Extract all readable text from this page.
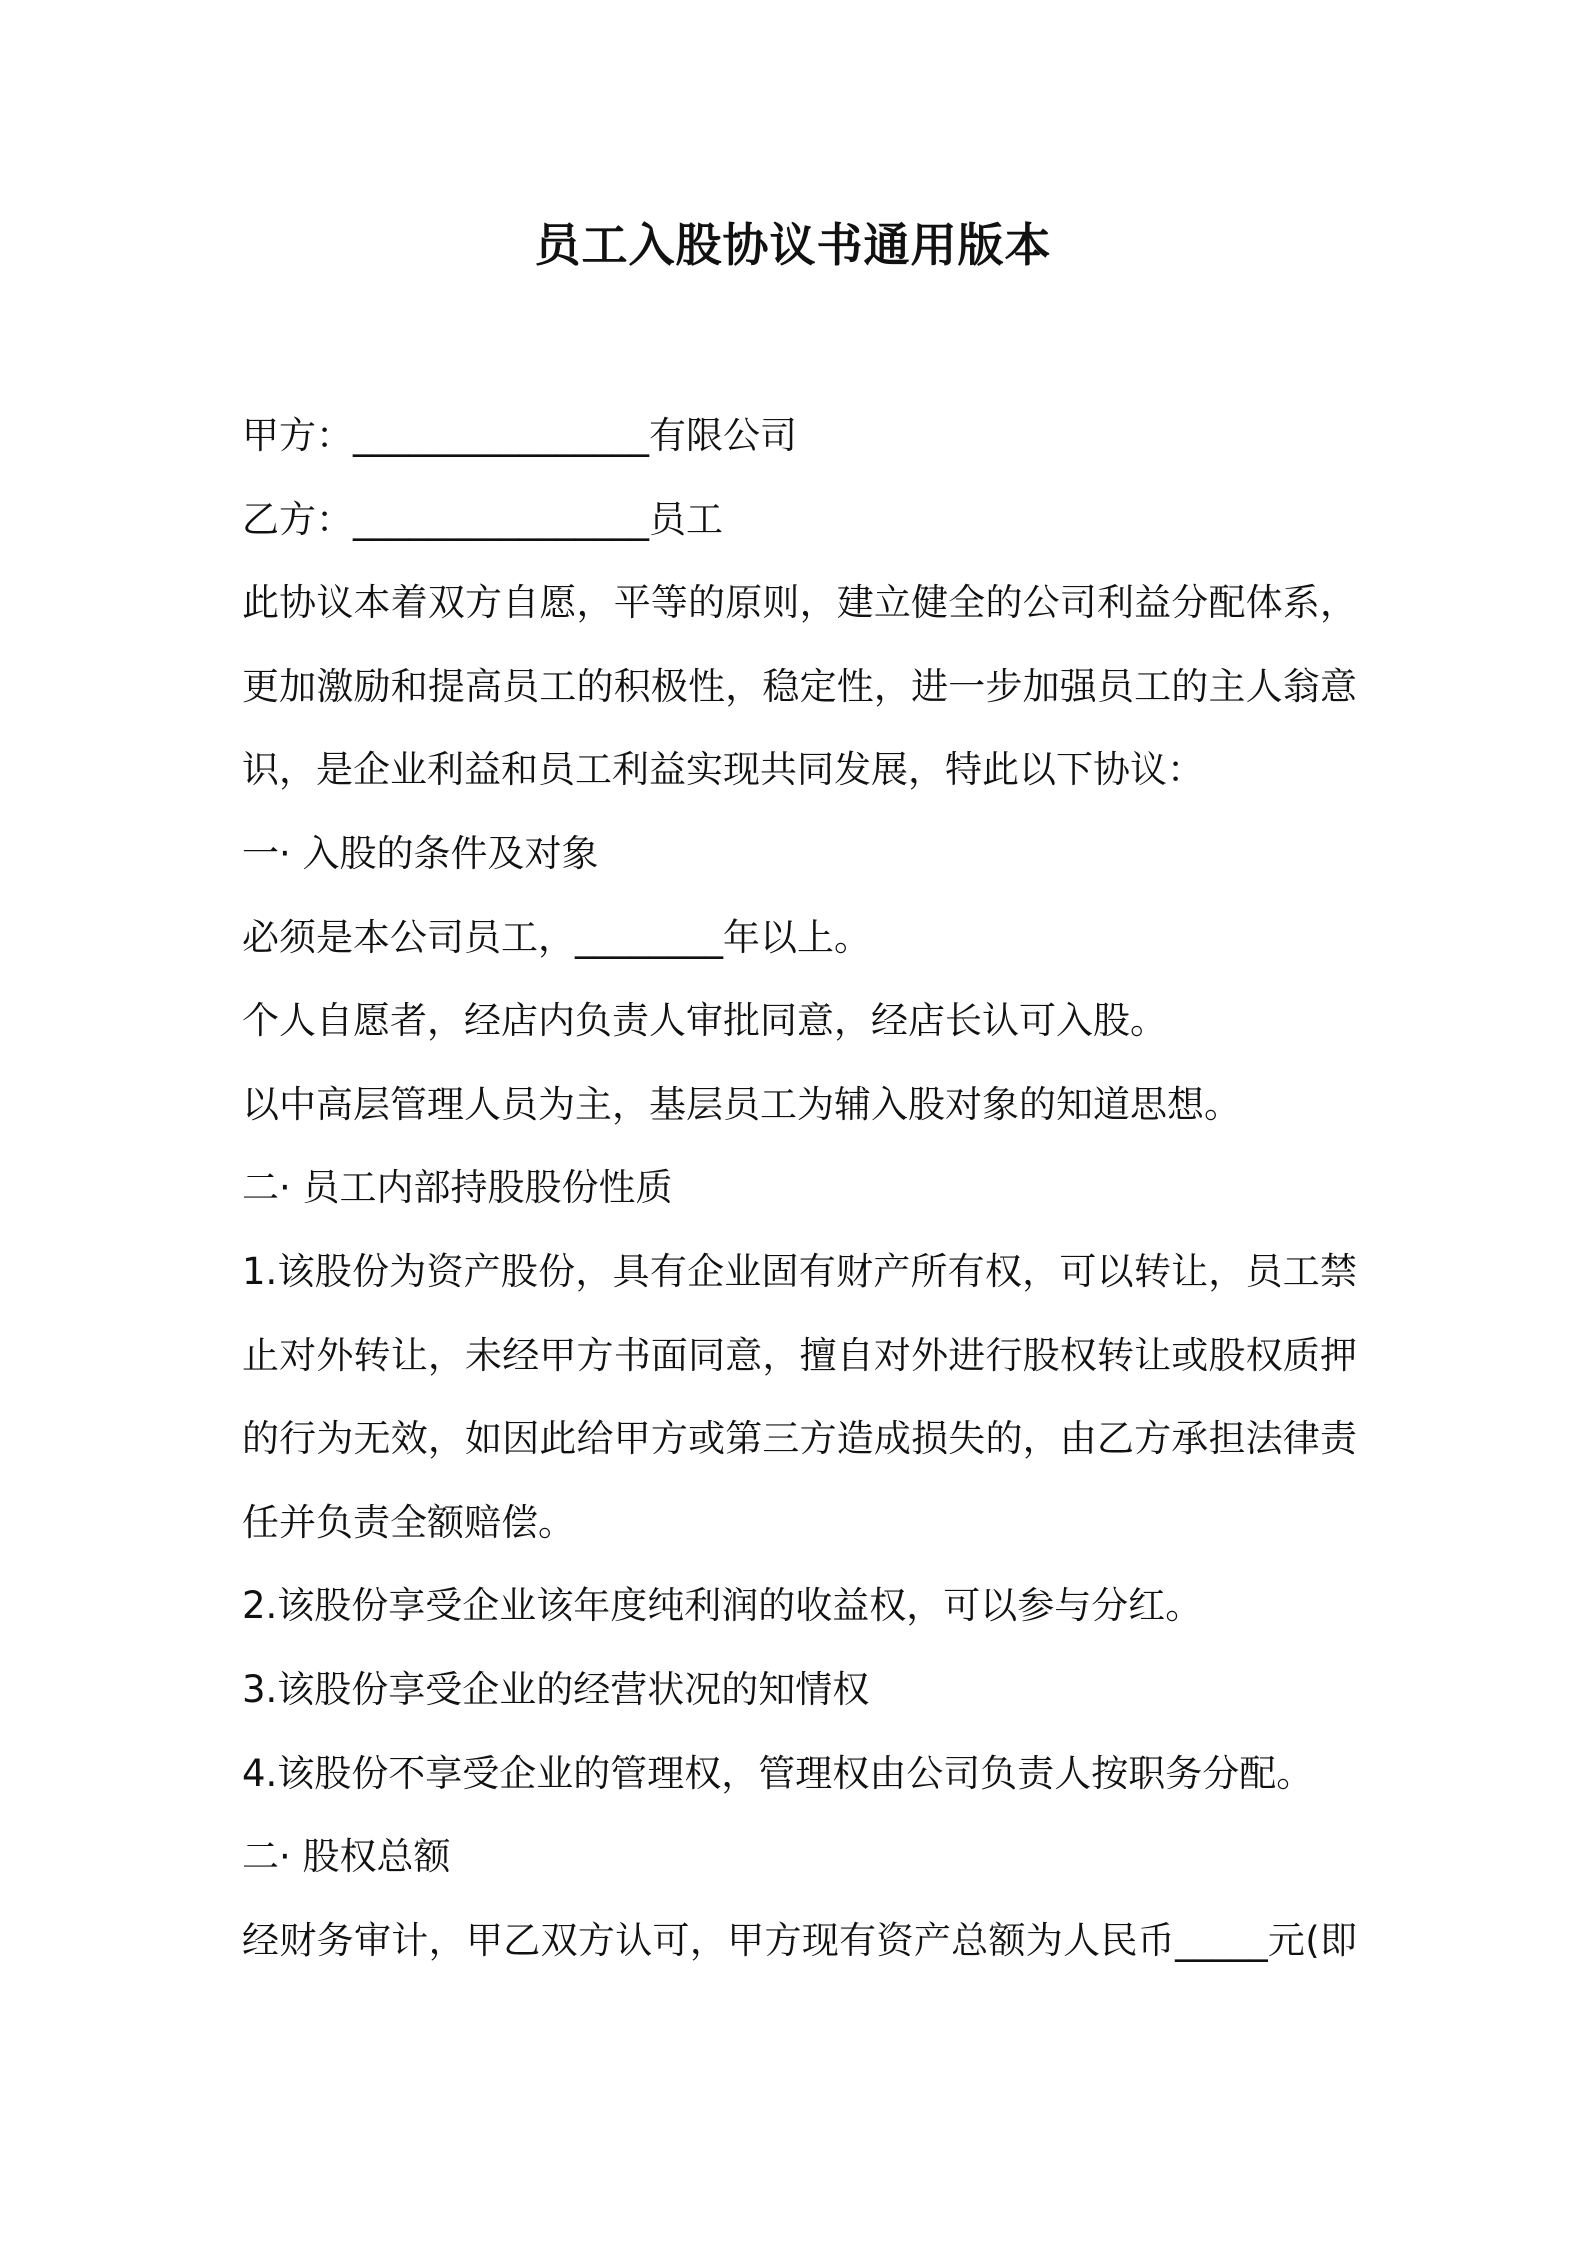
员工入股协议书通用版本
甲方：________________有限公司
乙方：________________员工
此协议本着双方自愿，平等的原则，建立健全的公司利益分配体系，
更加激励和提高员工的积极性，稳定性，进一步加强员工的主人翁意
识，是企业利益和员工利益实现共同发展，特此以下协议：
一· 入股的条件及对象
必须是本公司员工，________年以上。
个人自愿者，经店内负责人审批同意，经店长认可入股。
以中高层管理人员为主，基层员工为辅入股对象的知道思想。
二· 员工内部持股股份性质
1.该股份为资产股份，具有企业固有财产所有权，可以转让，员工禁
止对外转让，未经甲方书面同意，擅自对外进行股权转让或股权质押
的行为无效，如因此给甲方或第三方造成损失的，由乙方承担法律责
任并负责全额赔偿。
2.该股份享受企业该年度纯利润的收益权，可以参与分红。
3.该股份享受企业的经营状况的知情权
4.该股份不享受企业的管理权，管理权由公司负责人按职务分配。
二· 股权总额
经财务审计，甲乙双方认可，甲方现有资产总额为人民币_____元(即
